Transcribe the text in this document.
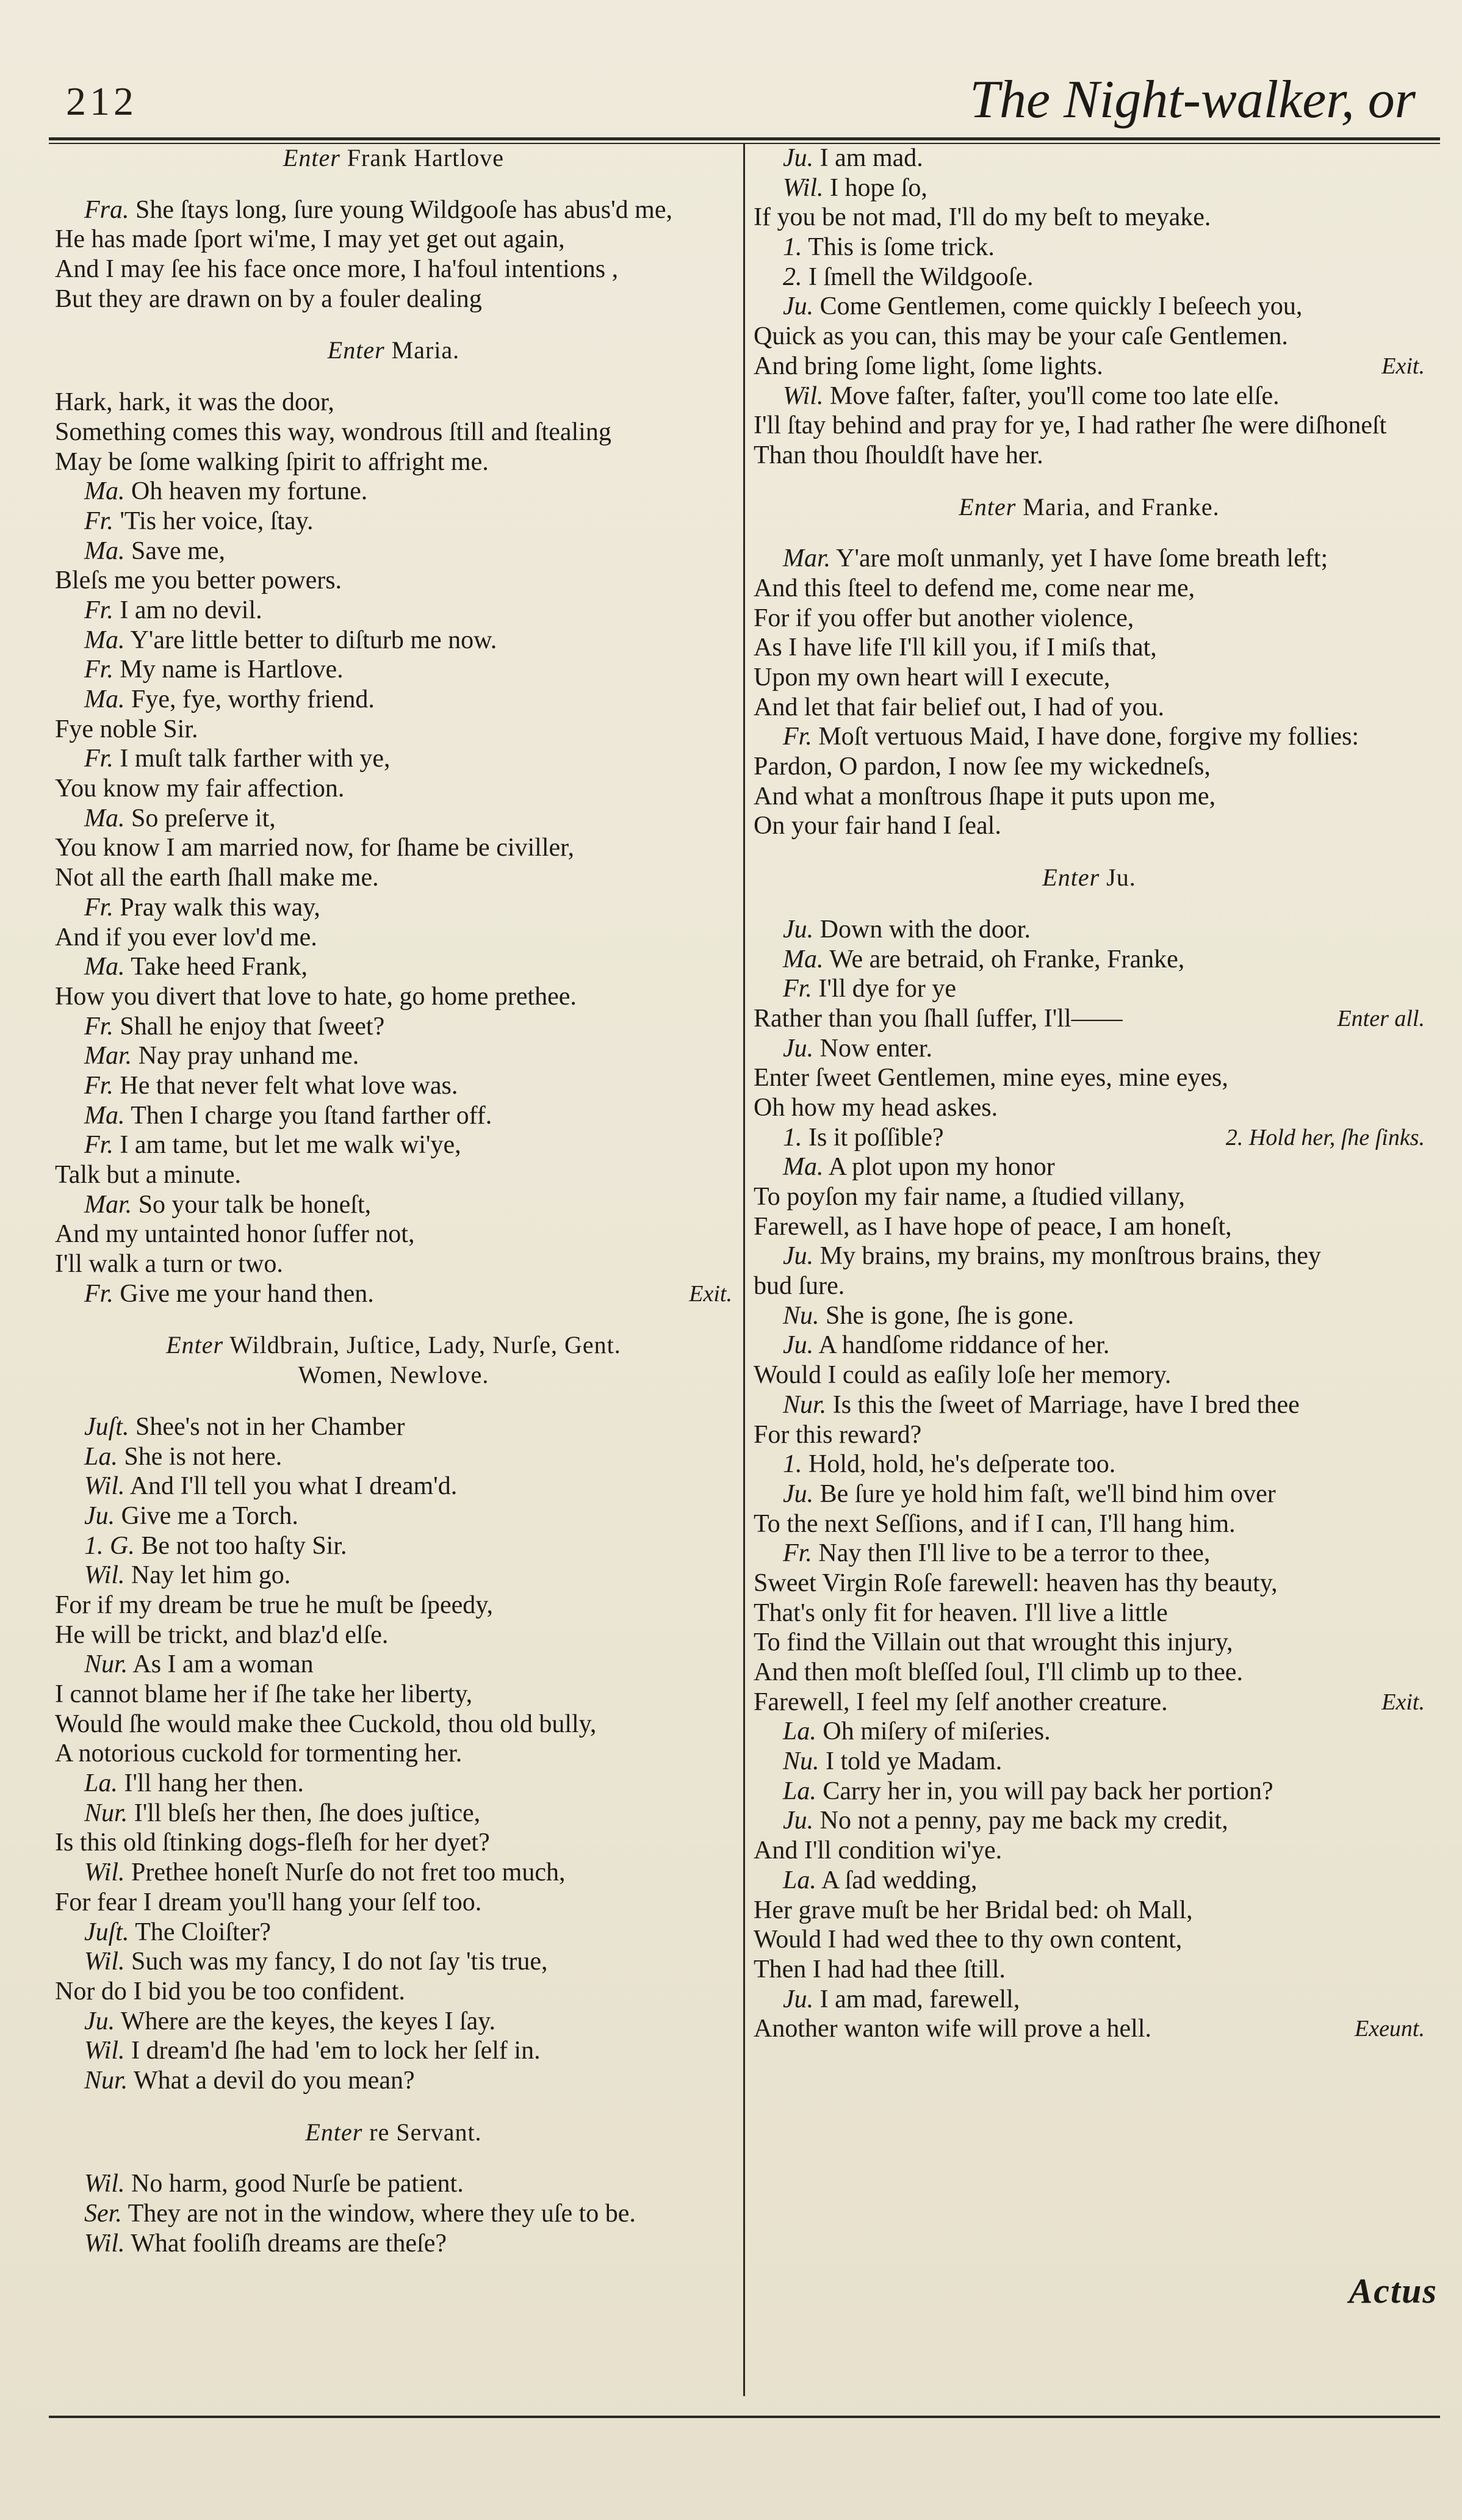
212	The Night-walker, or
Enter Frank Hartlove
Fra. She ſtays long, ſure young Wildgooſe has abus'd me,
He has made ſport wi'me, I may yet get out again,
And I may ſee his face once more, I ha'foul intentions ,
But they are drawn on by a fouler dealing
Enter Maria.
Hark, hark, it was the door,
Something comes this way, wondrous ſtill and ſtealing
May be ſome walking ſpirit to affright me.
Ma. Oh heaven my fortune.
Fr. 'Tis her voice, ſtay.
Ma. Save me,
Bleſs me you better powers.
Fr. I am no devil.
Ma. Y'are little better to diſturb me now.
Fr. My name is Hartlove.
Ma. Fye, fye, worthy friend.
Fye noble Sir.
Fr. I muſt talk farther with ye,
You know my fair affection.
Ma. So preſerve it,
You know I am married now, for ſhame be civiller,
Not all the earth ſhall make me.
Fr. Pray walk this way,
And if you ever lov'd me.
Ma. Take heed Frank,
How you divert that love to hate, go home prethee.
Fr. Shall he enjoy that ſweet?
Mar. Nay pray unhand me.
Fr. He that never felt what love was.
Ma. Then I charge you ſtand farther off.
Fr. I am tame, but let me walk wi'ye,
Talk but a minute.
Mar. So your talk be honeſt,
And my untainted honor ſuffer not,
I'll walk a turn or two.
Fr. Give me your hand then.	Exit.
Enter Wildbrain, Juſtice, Lady, Nurſe, Gent.
Women, Newlove.
Juſt. Shee's not in her Chamber
La. She is not here.
Wil. And I'll tell you what I dream'd.
Ju. Give me a Torch.
1. G. Be not too haſty Sir.
Wil. Nay let him go.
For if my dream be true he muſt be ſpeedy,
He will be trickt, and blaz'd elſe.
Nur. As I am a woman
I cannot blame her if ſhe take her liberty,
Would ſhe would make thee Cuckold, thou old bully,
A notorious cuckold for tormenting her.
La. I'll hang her then.
Nur. I'll bleſs her then, ſhe does juſtice,
Is this old ſtinking dogs-fleſh for her dyet?
Wil. Prethee honeſt Nurſe do not fret too much,
For fear I dream you'll hang your ſelf too.
Juſt. The Cloiſter?
Wil. Such was my fancy, I do not ſay 'tis true,
Nor do I bid you be too confident.
Ju. Where are the keyes, the keyes I ſay.
Wil. I dream'd ſhe had 'em to lock her ſelf in.
Nur. What a devil do you mean?
Enter re Servant.
Wil. No harm, good Nurſe be patient.
Ser. They are not in the window, where they uſe to be.
Wil. What fooliſh dreams are theſe?
Ju. I am mad.
Wil. I hope ſo,
If you be not mad, I'll do my beſt to meyake.
1. This is ſome trick.
2. I ſmell the Wildgooſe.
Ju. Come Gentlemen, come quickly I beſeech you,
Quick as you can, this may be your caſe Gentlemen.
And bring ſome light, ſome lights.	Exit.
Wil. Move faſter, faſter, you'll come too late elſe.
I'll ſtay behind and pray for ye, I had rather ſhe were diſhoneſt
Than thou ſhouldſt have her.
Enter Maria, and Franke.
Mar. Y'are moſt unmanly, yet I have ſome breath left;
And this ſteel to defend me, come near me,
For if you offer but another violence,
As I have life I'll kill you, if I miſs that,
Upon my own heart will I execute,
And let that fair belief out, I had of you.
Fr. Moſt vertuous Maid, I have done, forgive my follies:
Pardon, O pardon, I now ſee my wickedneſs,
And what a monſtrous ſhape it puts upon me,
On your fair hand I ſeal.
Enter Ju.
Ju. Down with the door.
Ma. We are betraid, oh Franke, Franke,
Fr. I'll dye for ye
Rather than you ſhall ſuffer, I'll——	Enter all.
Ju. Now enter.
Enter ſweet Gentlemen, mine eyes, mine eyes,
Oh how my head askes.
1. Is it poſſible?	2. Hold her, ſhe ſinks.
Ma. A plot upon my honor
To poyſon my fair name, a ſtudied villany,
Farewell, as I have hope of peace, I am honeſt,
Ju. My brains, my brains, my monſtrous brains, they
bud ſure.
Nu. She is gone, ſhe is gone.
Ju. A handſome riddance of her.
Would I could as eaſily loſe her memory.
Nur. Is this the ſweet of Marriage, have I bred thee
For this reward?
1. Hold, hold, he's deſperate too.
Ju. Be ſure ye hold him faſt, we'll bind him over
To the next Seſſions, and if I can, I'll hang him.
Fr. Nay then I'll live to be a terror to thee,
Sweet Virgin Roſe farewell: heaven has thy beauty,
That's only fit for heaven. I'll live a little
To find the Villain out that wrought this injury,
And then moſt bleſſed ſoul, I'll climb up to thee.
Farewell, I feel my ſelf another creature.	Exit.
La. Oh miſery of miſeries.
Nu. I told ye Madam.
La. Carry her in, you will pay back her portion?
Ju. No not a penny, pay me back my credit,
And I'll condition wi'ye.
La. A ſad wedding,
Her grave muſt be her Bridal bed: oh Mall,
Would I had wed thee to thy own content,
Then I had had thee ſtill.
Ju. I am mad, farewell,
Another wanton wife will prove a hell.	Exeunt.
Actus
